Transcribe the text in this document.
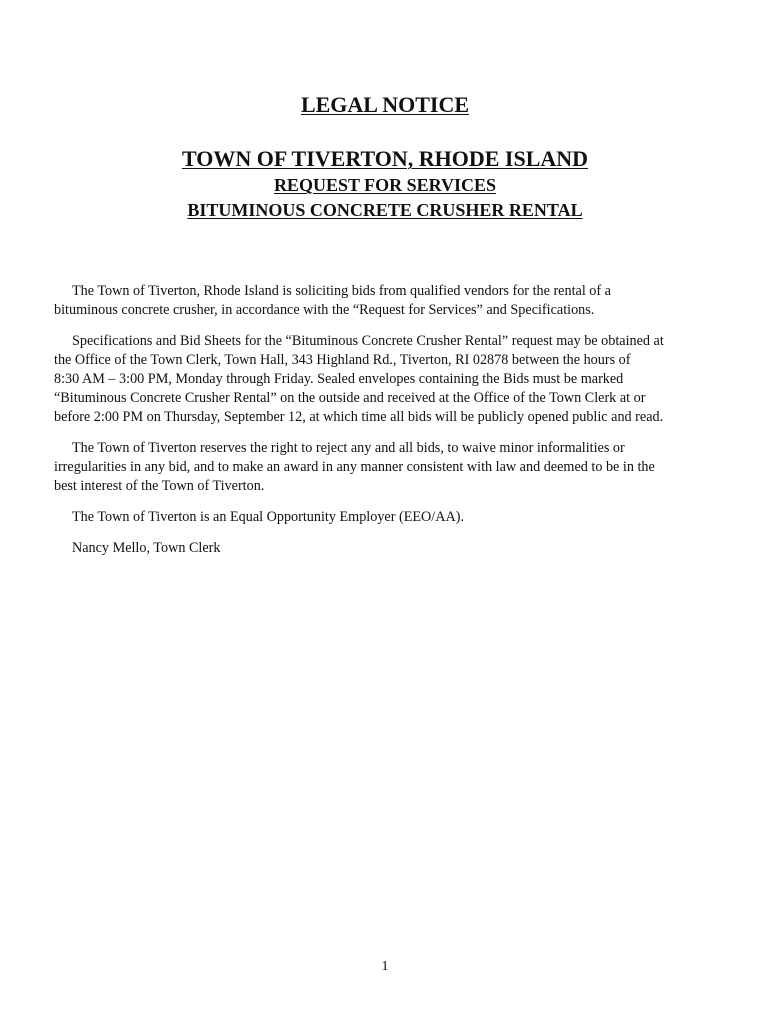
LEGAL NOTICE
TOWN OF TIVERTON, RHODE ISLAND
REQUEST FOR SERVICES
BITUMINOUS CONCRETE CRUSHER RENTAL
The Town of Tiverton, Rhode Island is soliciting bids from qualified vendors for the rental of a
bituminous concrete crusher, in accordance with the “Request for Services” and Specifications.
Specifications and Bid Sheets for the “Bituminous Concrete Crusher Rental” request may be obtained at
the Office of the Town Clerk, Town Hall, 343 Highland Rd., Tiverton, RI 02878 between the hours of
8:30 AM – 3:00 PM, Monday through Friday. Sealed envelopes containing the Bids must be marked
“Bituminous Concrete Crusher Rental” on the outside and received at the Office of the Town Clerk at or
before 2:00 PM on Thursday, September 12, at which time all bids will be publicly opened public and read.
The Town of Tiverton reserves the right to reject any and all bids, to waive minor informalities or
irregularities in any bid, and to make an award in any manner consistent with law and deemed to be in the
best interest of the Town of Tiverton.
The Town of Tiverton is an Equal Opportunity Employer (EEO/AA).
Nancy Mello, Town Clerk
1
